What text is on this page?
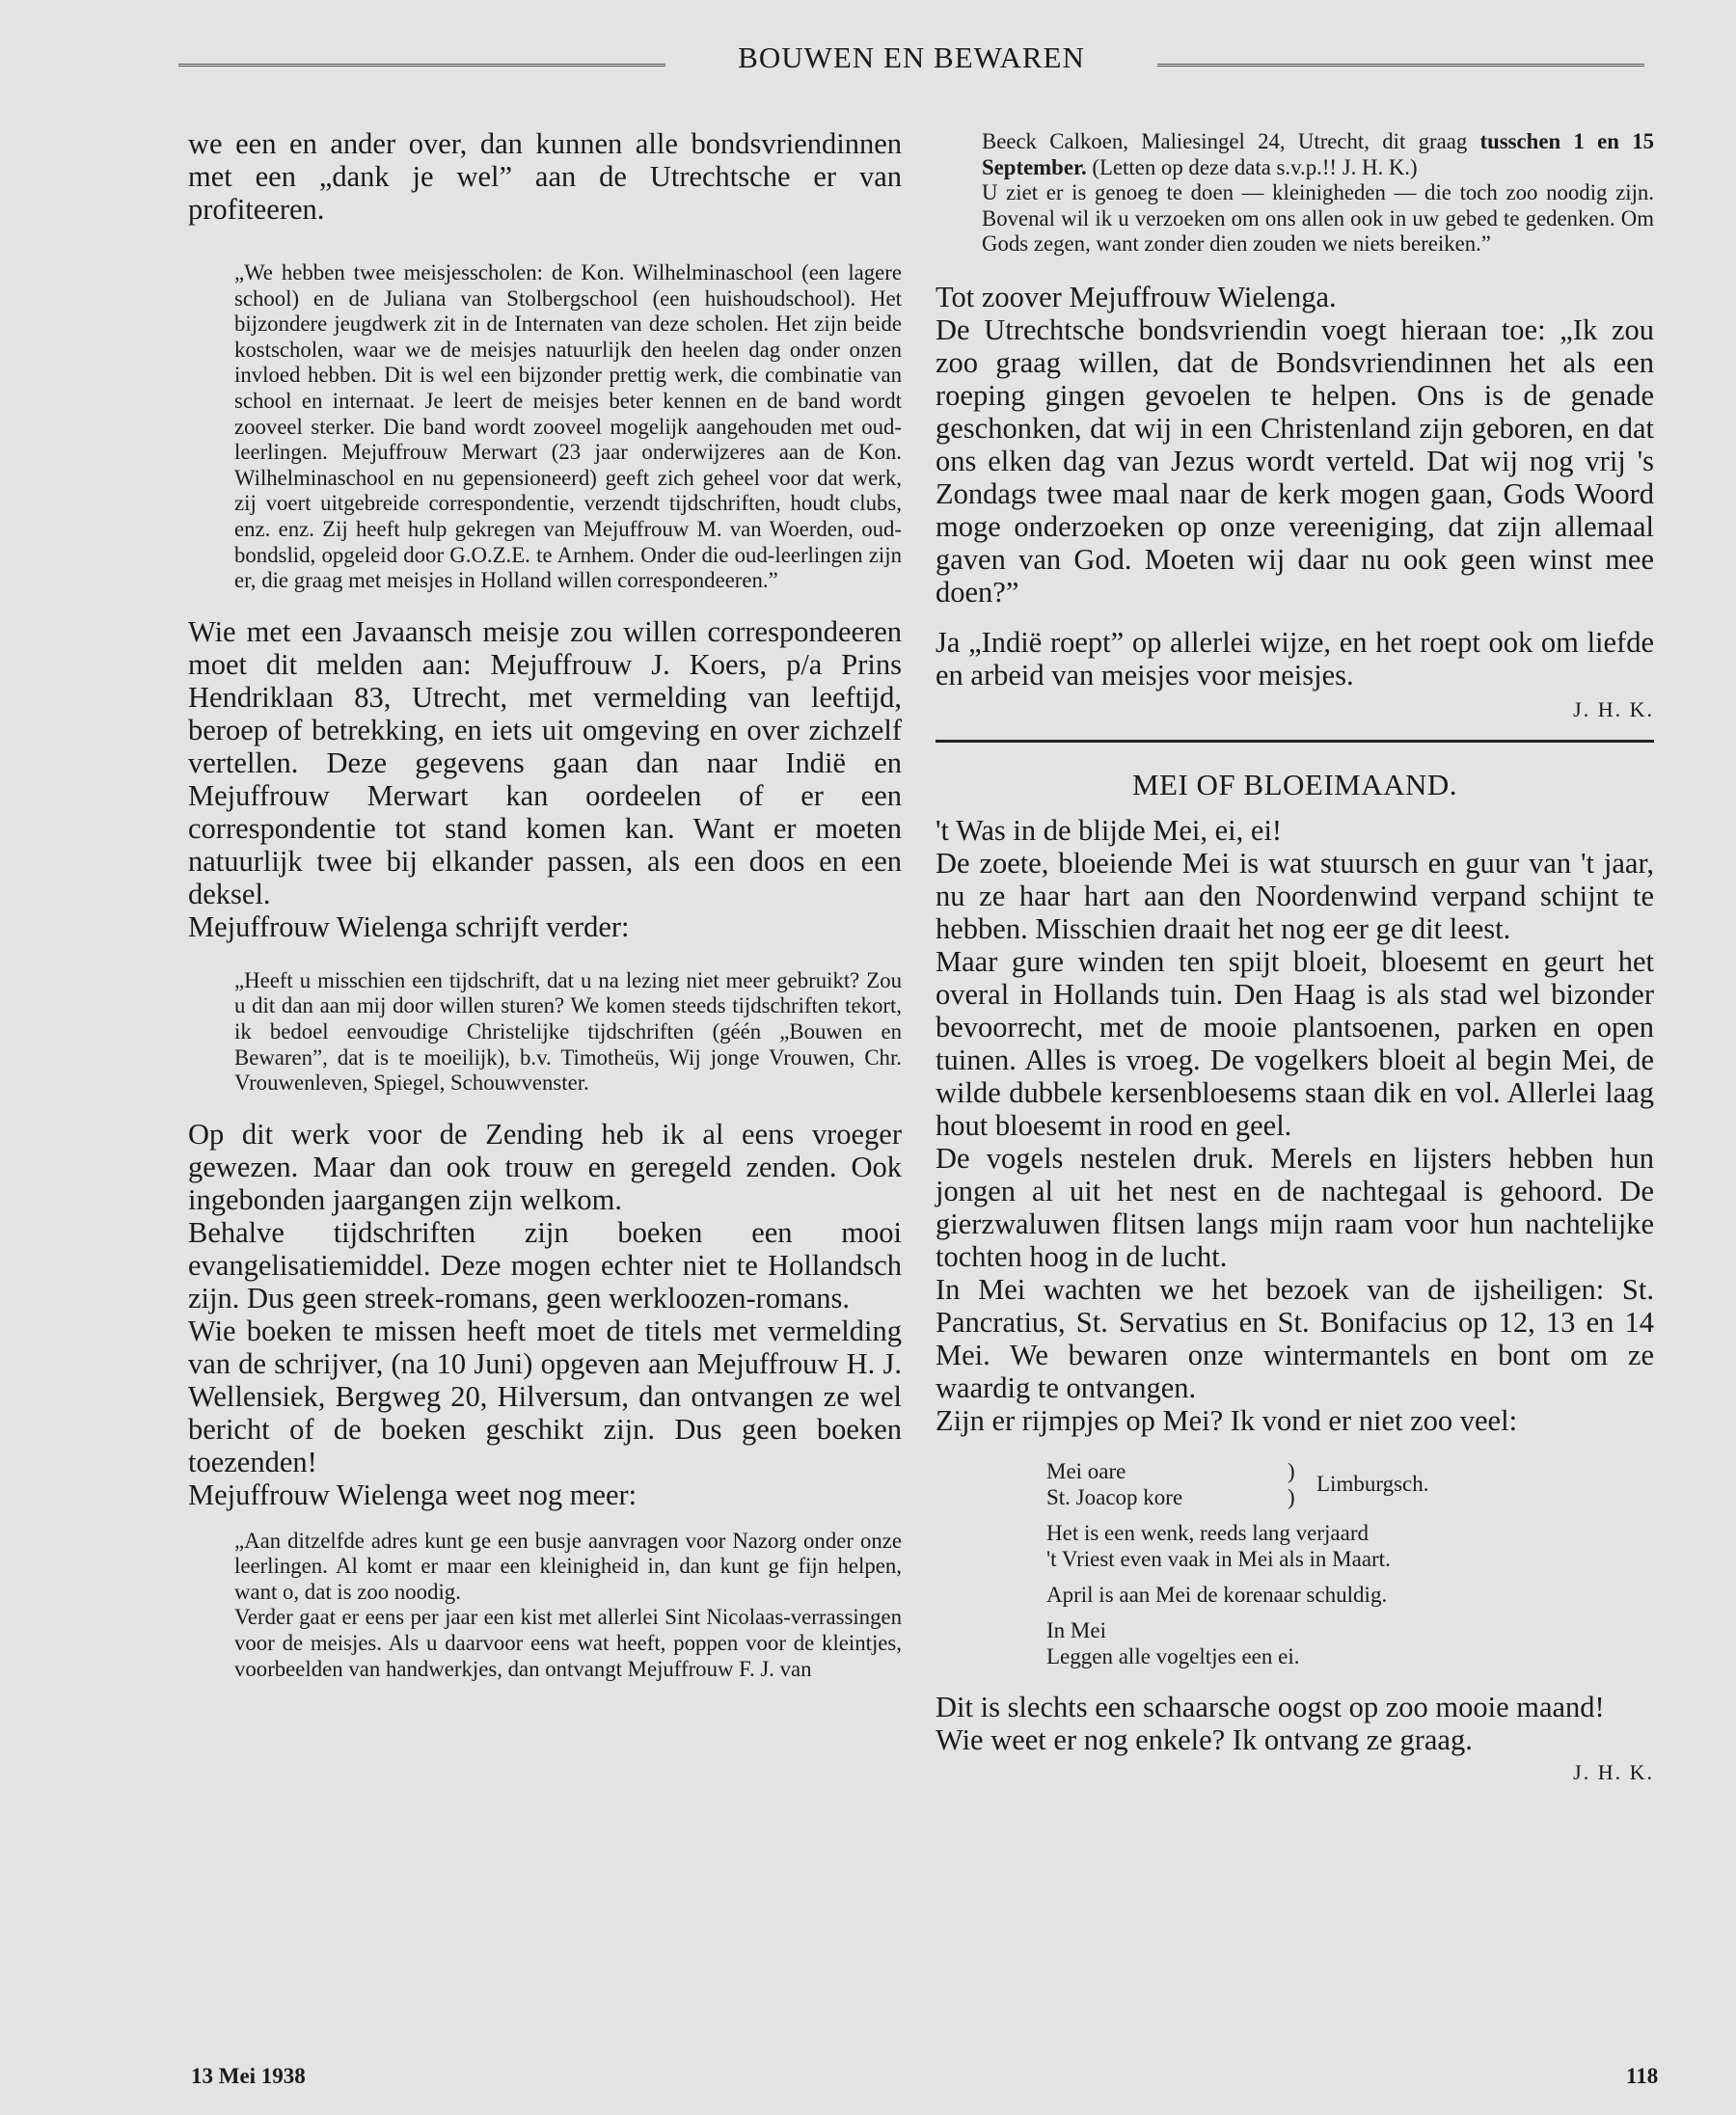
BOUWEN EN BEWAREN
we een en ander over, dan kunnen alle bondsvriendinnen met een „dank je wel” aan de Utrechtsche er van profiteeren.
„We hebben twee meisjesscholen: de Kon. Wilhelminaschool (een lagere school) en de Juliana van Stolbergschool (een huishoudschool). Het bijzondere jeugdwerk zit in de Internaten van deze scholen. Het zijn beide kostscholen, waar we de meisjes natuurlijk den heelen dag onder onzen invloed hebben. Dit is wel een bijzonder prettig werk, die combinatie van school en internaat. Je leert de meisjes beter kennen en de band wordt zooveel sterker. Die band wordt zooveel mogelijk aangehouden met oud-leerlingen. Mejuffrouw Merwart (23 jaar onderwijzeres aan de Kon. Wilhelminaschool en nu gepensioneerd) geeft zich geheel voor dat werk, zij voert uitgebreide correspondentie, verzendt tijdschriften, houdt clubs, enz. enz. Zij heeft hulp gekregen van Mejuffrouw M. van Woerden, oud-bondslid, opgeleid door G.O.Z.E. te Arnhem. Onder die oud-leerlingen zijn er, die graag met meisjes in Holland willen correspondeeren.”
Wie met een Javaansch meisje zou willen correspondeeren moet dit melden aan: Mejuffrouw J. Koers, p/a Prins Hendriklaan 83, Utrecht, met vermelding van leeftijd, beroep of betrekking, en iets uit omgeving en over zichzelf vertellen. Deze gegevens gaan dan naar Indië en Mejuffrouw Merwart kan oordeelen of er een correspondentie tot stand komen kan. Want er moeten natuurlijk twee bij elkander passen, als een doos en een deksel.
Mejuffrouw Wielenga schrijft verder:
„Heeft u misschien een tijdschrift, dat u na lezing niet meer gebruikt? Zou u dit dan aan mij door willen sturen? We komen steeds tijdschriften tekort, ik bedoel eenvoudige Christelijke tijdschriften (géén „Bouwen en Bewaren”, dat is te moeilijk), b.v. Timotheüs, Wij jonge Vrouwen, Chr. Vrouwenleven, Spiegel, Schouwvenster.
Op dit werk voor de Zending heb ik al eens vroeger gewezen. Maar dan ook trouw en geregeld zenden. Ook ingebonden jaargangen zijn welkom.
Behalve tijdschriften zijn boeken een mooi evangelisatiemiddel. Deze mogen echter niet te Hollandsch zijn. Dus geen streek-romans, geen werkloozen-romans.
Wie boeken te missen heeft moet de titels met vermelding van de schrijver, (na 10 Juni) opgeven aan Mejuffrouw H. J. Wellensiek, Bergweg 20, Hilversum, dan ontvangen ze wel bericht of de boeken geschikt zijn. Dus geen boeken toezenden!
Mejuffrouw Wielenga weet nog meer:

„Aan ditzelfde adres kunt ge een busje aanvragen voor Nazorg onder onze leerlingen. Al komt er maar een kleinigheid in, dan kunt ge fijn helpen, want o, dat is zoo noodig.

Verder gaat er eens per jaar een kist met allerlei Sint Nicolaas-verrassingen voor de meisjes. Als u daarvoor eens wat heeft, poppen voor de kleintjes, voorbeelden van handwerkjes, dan ontvangt Mejuffrouw F. J. van

Beeck Calkoen, Maliesingel 24, Utrecht, dit graag tusschen 1 en 15 September. (Letten op deze data s.v.p.!! J. H. K.)

U ziet er is genoeg te doen — kleinigheden — die toch zoo noodig zijn. Bovenal wil ik u verzoeken om ons allen ook in uw gebed te gedenken. Om Gods zegen, want zonder dien zouden we niets bereiken.”

Tot zoover Mejuffrouw Wielenga.
De Utrechtsche bondsvriendin voegt hieraan toe: „Ik zou zoo graag willen, dat de Bondsvriendinnen het als een roeping gingen gevoelen te helpen. Ons is de genade geschonken, dat wij in een Christenland zijn geboren, en dat ons elken dag van Jezus wordt verteld. Dat wij nog vrij 's Zondags twee maal naar de kerk mogen gaan, Gods Woord moge onderzoeken op onze vereeniging, dat zijn allemaal gaven van God. Moeten wij daar nu ook geen winst mee doen?”
Ja „Indië roept” op allerlei wijze, en het roept ook om liefde en arbeid van meisjes voor meisjes.
J. H. K.
MEI OF BLOEIMAAND.
't Was in de blijde Mei, ei, ei!
De zoete, bloeiende Mei is wat stuursch en guur van 't jaar, nu ze haar hart aan den Noordenwind verpand schijnt te hebben. Misschien draait het nog eer ge dit leest.
Maar gure winden ten spijt bloeit, bloesemt en geurt het overal in Hollands tuin. Den Haag is als stad wel bizonder bevoorrecht, met de mooie plantsoenen, parken en open tuinen. Alles is vroeg. De vogelkers bloeit al begin Mei, de wilde dubbele kersenbloesems staan dik en vol. Allerlei laag hout bloesemt in rood en geel.
De vogels nestelen druk. Merels en lijsters hebben hun jongen al uit het nest en de nachtegaal is gehoord. De gierzwaluwen flitsen langs mijn raam voor hun nachtelijke tochten hoog in de lucht.
In Mei wachten we het bezoek van de ijsheiligen: St. Pancratius, St. Servatius en St. Bonifacius op 12, 13 en 14 Mei. We bewaren onze wintermantels en bont om ze waardig te ontvangen.
Zijn er rijmpjes op Mei? Ik vond er niet zoo veel:

Mei oare

St. Joacop kore

)

)

Limburgsch.

Het is een wenk, reeds lang verjaard

't Vriest even vaak in Mei als in Maart.

April is aan Mei de korenaar schuldig.

In Mei

Leggen alle vogeltjes een ei.

Dit is slechts een schaarsche oogst op zoo mooie maand!
Wie weet er nog enkele? Ik ontvang ze graag.
J. H. K.
13 Mei 1938	118
